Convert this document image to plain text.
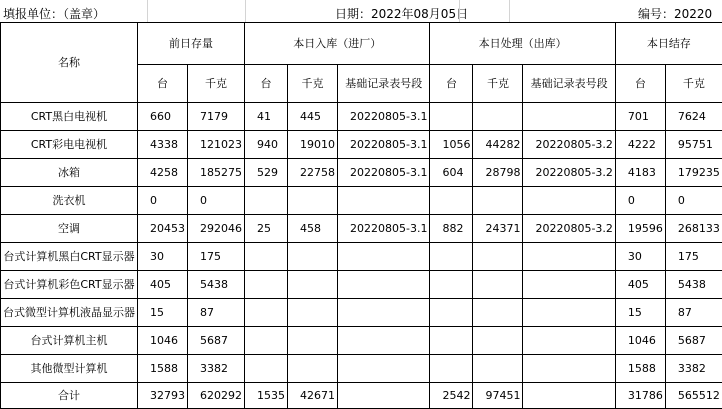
填报单位：（盖章）	日期：2022年08月05日	编号：20220
名称	前日存量		本日入库（进厂）			本日处理（出库）			本日结存	
	台	千克	台	千克	基础记录表号段	台	千克	基础记录表号段	台	千克
CRT黑白电视机	660	7179	41	445	20220805-3.1				701	7624
CRT彩电电视机	4338	121023	940	19010	20220805-3.1	1056	44282	20220805-3.2	4222	95751
冰箱	4258	185275	529	22758	20220805-3.1	604	28798	20220805-3.2	4183	179235
洗衣机	0	0							0	0
空调	20453	292046	25	458	20220805-3.1	882	24371	20220805-3.2	19596	268133
台式计算机黑白CRT显示器	30	175							30	175
台式计算机彩色CRT显示器	405	5438							405	5438
台式微型计算机液晶显示器	15	87							15	87
台式计算机主机	1046	5687							1046	5687
其他微型计算机	1588	3382							1588	3382
合计	32793	620292	1535	42671		2542	97451		31786	565512
